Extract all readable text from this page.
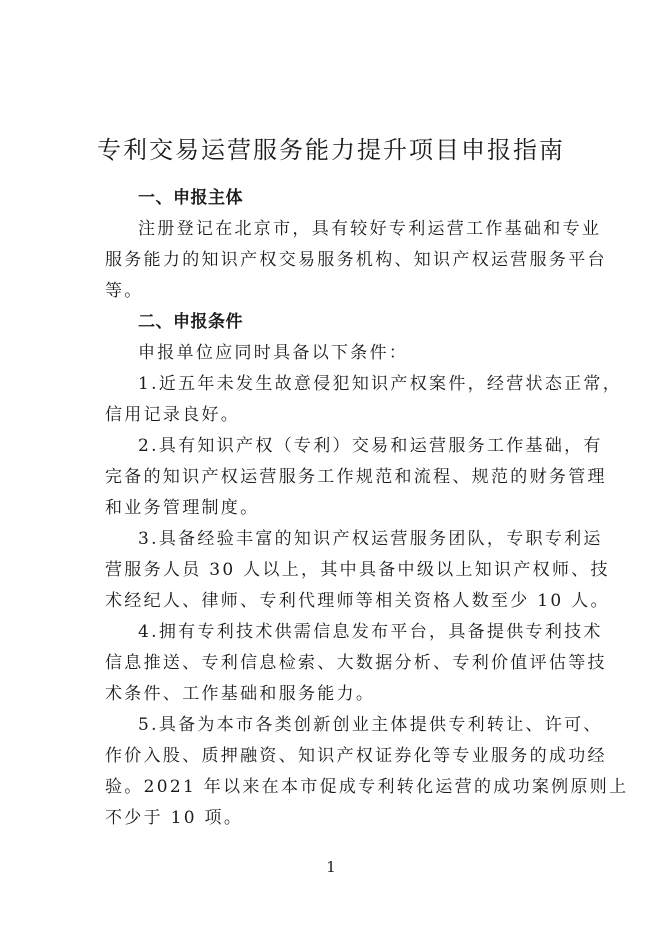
专利交易运营服务能力提升项目申报指南
一、申报主体
注册登记在北京市，具有较好专利运营工作基础和专业
服务能力的知识产权交易服务机构、知识产权运营服务平台
等。
二、申报条件
申报单位应同时具备以下条件：
1.近五年未发生故意侵犯知识产权案件，经营状态正常，
信用记录良好。
2.具有知识产权（专利）交易和运营服务工作基础，有
完备的知识产权运营服务工作规范和流程、规范的财务管理
和业务管理制度。
3.具备经验丰富的知识产权运营服务团队，专职专利运
营服务人员 30 人以上，其中具备中级以上知识产权师、技
术经纪人、律师、专利代理师等相关资格人数至少 10 人。
4.拥有专利技术供需信息发布平台，具备提供专利技术
信息推送、专利信息检索、大数据分析、专利价值评估等技
术条件、工作基础和服务能力。
5.具备为本市各类创新创业主体提供专利转让、许可、
作价入股、质押融资、知识产权证券化等专业服务的成功经
验。2021 年以来在本市促成专利转化运营的成功案例原则上
不少于 10 项。
1
